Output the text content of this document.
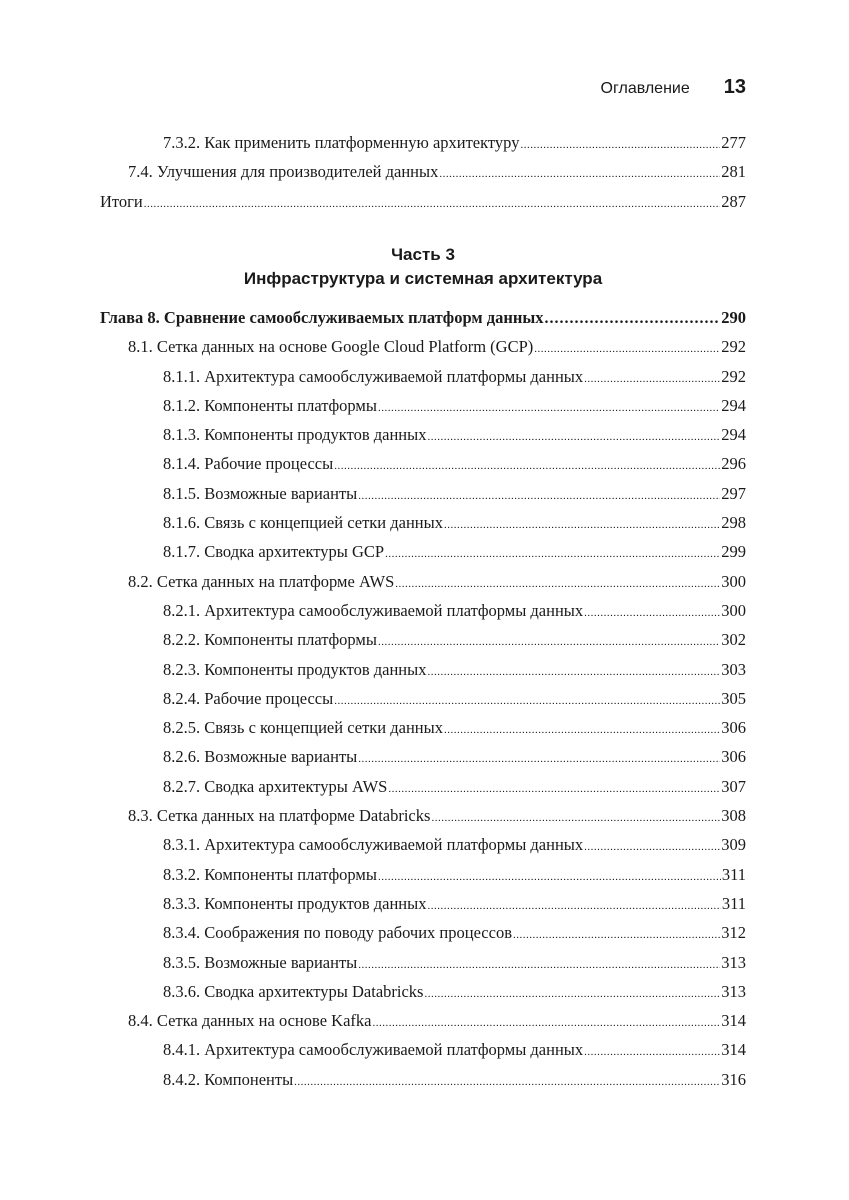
Оглавление 13
7.3.2. Как применить платформенную архитектуру .....	277
7.4. Улучшения для производителей данных .....	281
Итоги .....	287
Часть 3
Инфраструктура и системная архитектура
Глава 8. Сравнение самообслуживаемых платформ данных .....	290
8.1. Сетка данных на основе Google Cloud Platform (GCP) .....	292
8.1.1. Архитектура самообслуживаемой платформы данных .....	292
8.1.2. Компоненты платформы .....	294
8.1.3. Компоненты продуктов данных .....	294
8.1.4. Рабочие процессы .....	296
8.1.5. Возможные варианты .....	297
8.1.6. Связь с концепцией сетки данных .....	298
8.1.7. Сводка архитектуры GCP .....	299
8.2. Сетка данных на платформе AWS .....	300
8.2.1. Архитектура самообслуживаемой платформы данных .....	300
8.2.2. Компоненты платформы .....	302
8.2.3. Компоненты продуктов данных .....	303
8.2.4. Рабочие процессы .....	305
8.2.5. Связь с концепцией сетки данных .....	306
8.2.6. Возможные варианты .....	306
8.2.7. Сводка архитектуры AWS .....	307
8.3. Сетка данных на платформе Databricks .....	308
8.3.1. Архитектура самообслуживаемой платформы данных .....	309
8.3.2. Компоненты платформы .....	311
8.3.3. Компоненты продуктов данных .....	311
8.3.4. Соображения по поводу рабочих процессов .....	312
8.3.5. Возможные варианты .....	313
8.3.6. Сводка архитектуры Databricks .....	313
8.4. Сетка данных на основе Kafka .....	314
8.4.1. Архитектура самообслуживаемой платформы данных .....	314
8.4.2. Компоненты .....	316
